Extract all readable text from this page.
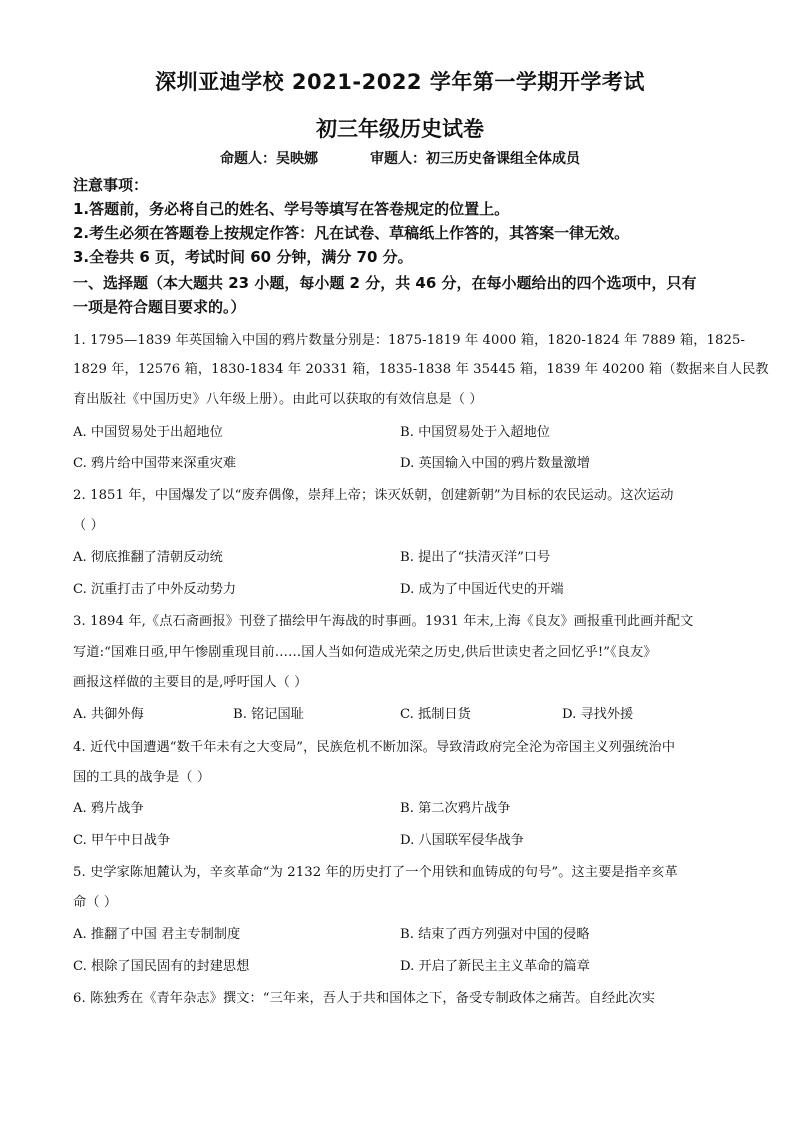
深圳亚迪学校 2021-2022 学年第一学期开学考试
初三年级历史试卷
命题人：吴映娜	审题人：初三历史备课组全体成员
注意事项：
1.答题前，务必将自己的姓名、学号等填写在答卷规定的位置上。
2.考生必须在答题卷上按规定作答：凡在试卷、草稿纸上作答的，其答案一律无效。
3.全卷共 6 页，考试时间 60 分钟，满分 70 分。
一、选择题（本大题共 23 小题，每小题 2 分，共 46 分，在每小题给出的四个选项中，只有
一项是符合题目要求的。）
1. 1795—1839 年英国输入中国的鸦片数量分别是：1875-1819 年 4000 箱，1820-1824 年 7889 箱，1825-
1829 年，12576 箱，1830-1834 年 20331 箱，1835-1838 年 35445 箱，1839 年 40200 箱（数据来自人民教
育出版社《中国历史》八年级上册）。由此可以获取的有效信息是（ ）
A. 中国贸易处于出超地位	B. 中国贸易处于入超地位
C. 鸦片给中国带来深重灾难	D. 英国输入中国的鸦片数量激增
2. 1851 年，中国爆发了以“废弃偶像，崇拜上帝；诛灭妖朝，创建新朝”为目标的农民运动。这次运动
（ ）
A. 彻底推翻了清朝反动统	B. 提出了“扶清灭洋”口号
C. 沉重打击了中外反动势力	D. 成为了中国近代史的开端
3. 1894 年,《点石斋画报》刊登了描绘甲午海战的时事画。1931 年末,上海《良友》画报重刊此画并配文
写道:“国难日亟,甲午惨剧重现目前……国人当如何造成光荣之历史,供后世读史者之回忆乎!”《良友》
画报这样做的主要目的是,呼吁国人（ ）
A. 共御外侮	B. 铭记国耻	C. 抵制日货	D. 寻找外援
4. 近代中国遭遇“数千年未有之大变局”，民族危机不断加深。导致清政府完全沦为帝国主义列强统治中
国的工具的战争是（ ）
A. 鸦片战争	B. 第二次鸦片战争
C. 甲午中日战争	D. 八国联军侵华战争
5. 史学家陈旭麓认为，辛亥革命“为 2132 年的历史打了一个用铁和血铸成的句号”。这主要是指辛亥革
命（ ）
A. 推翻了中国 君主专制制度	B. 结束了西方列强对中国的侵略
C. 根除了国民固有的封建思想	D. 开启了新民主主义革命的篇章
6. 陈独秀在《青年杂志》撰文：“三年来，吾人于共和国体之下，备受专制政体之痛苦。自经此次实
